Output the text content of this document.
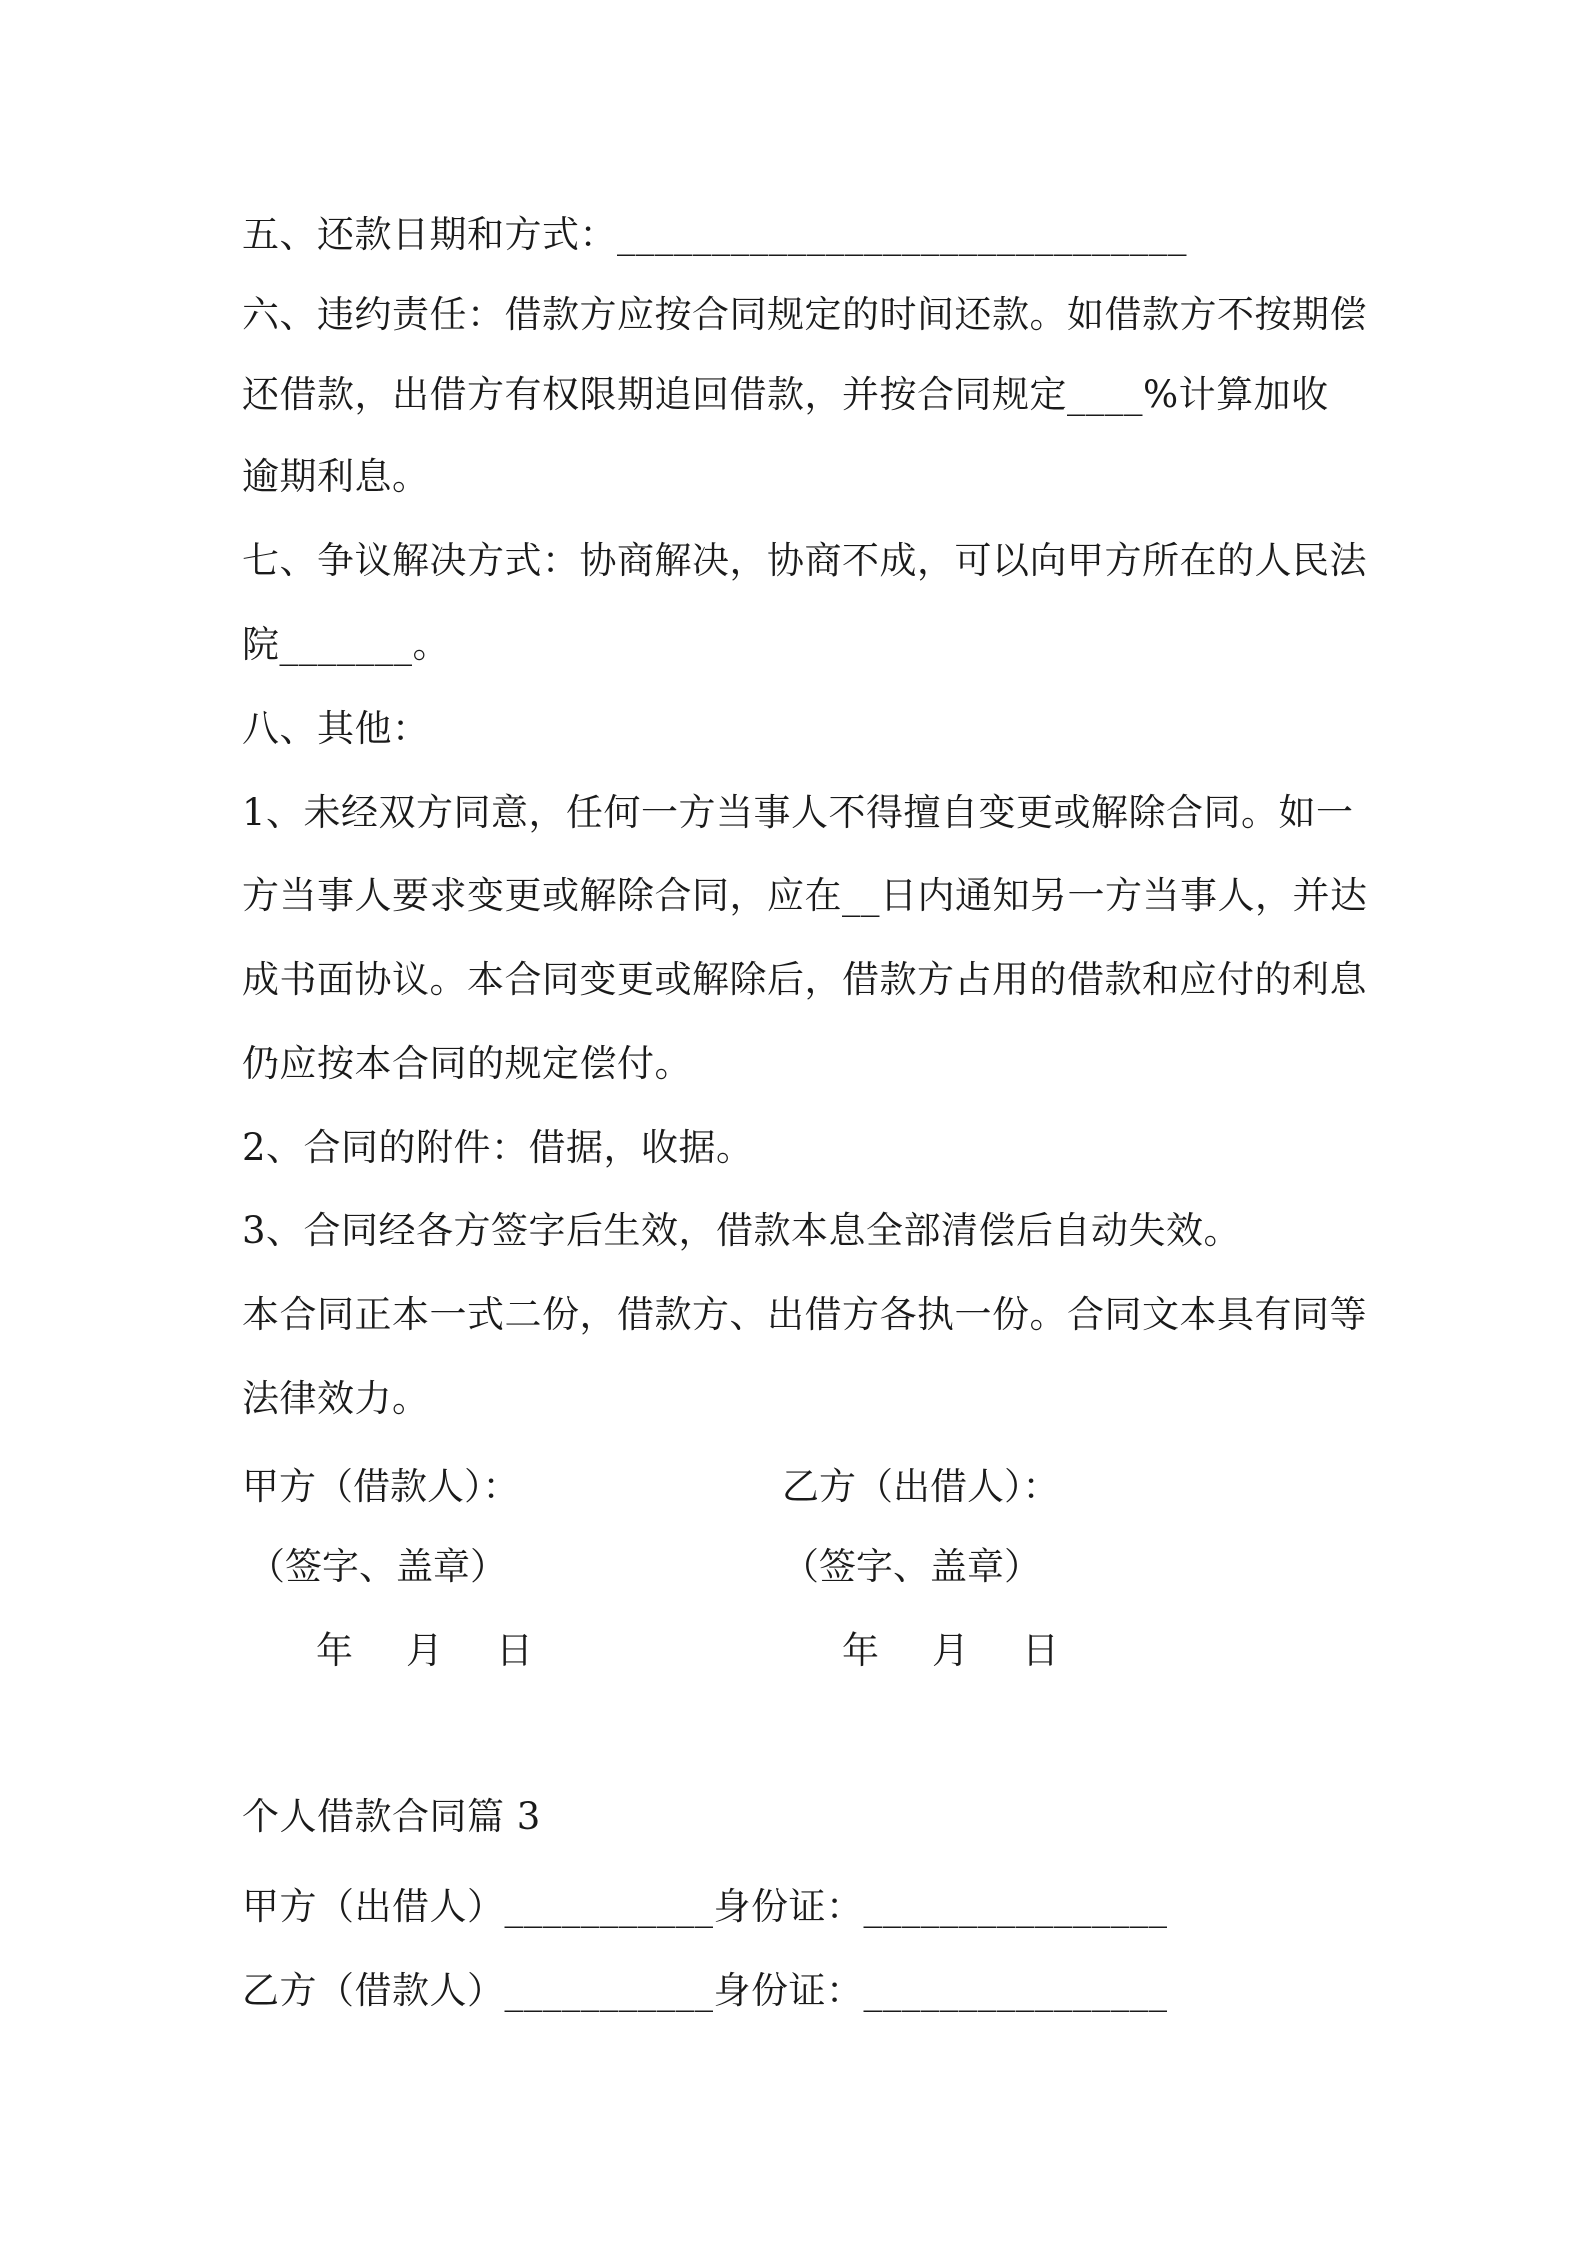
五、还款日期和方式：______________________________
六、违约责任：借款方应按合同规定的时间还款。如借款方不按期偿
还借款，出借方有权限期追回借款，并按合同规定____%计算加收
逾期利息。
七、争议解决方式：协商解决，协商不成，可以向甲方所在的人民法
院_______。
八、其他：
1、未经双方同意，任何一方当事人不得擅自变更或解除合同。如一
方当事人要求变更或解除合同，应在__日内通知另一方当事人，并达
成书面协议。本合同变更或解除后，借款方占用的借款和应付的利息
仍应按本合同的规定偿付。
2、合同的附件：借据，收据。
3、合同经各方签字后生效，借款本息全部清偿后自动失效。
本合同正本一式二份，借款方、出借方各执一份。合同文本具有同等
法律效力。
甲方（借款人）：	乙方（出借人）：
（签字、盖章）	（签字、盖章）
年　月　日	年　月　日
个人借款合同篇 3
甲方（出借人）___________身份证：________________
乙方（借款人）___________身份证：________________
